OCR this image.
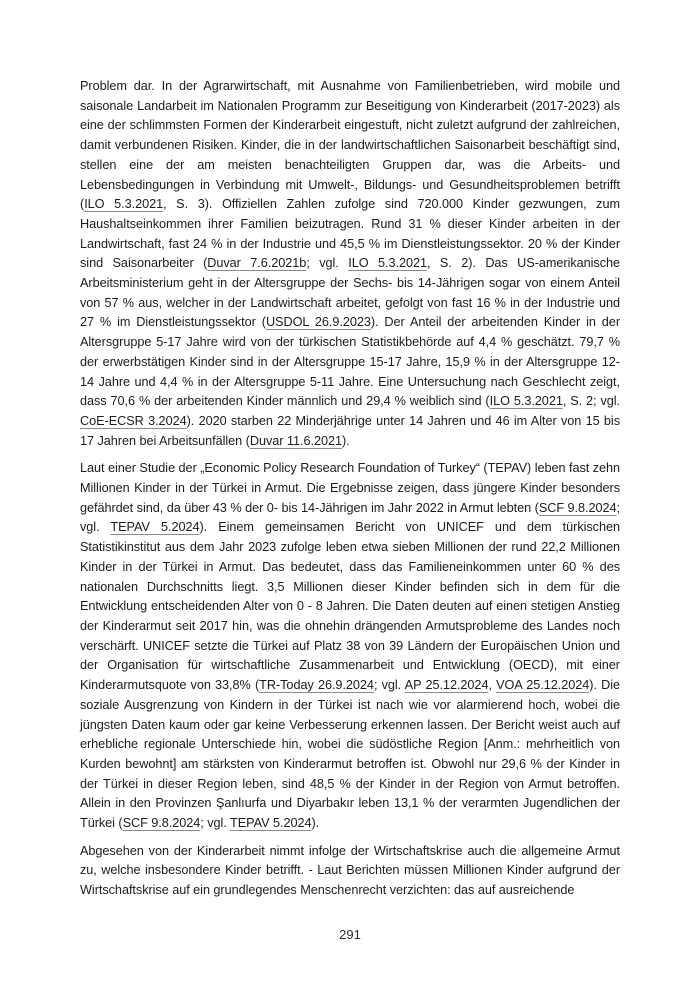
Problem dar. In der Agrarwirtschaft, mit Ausnahme von Familienbetrieben, wird mobile und saisonale Landarbeit im Nationalen Programm zur Beseitigung von Kinderarbeit (2017-2023) als eine der schlimmsten Formen der Kinderarbeit eingestuft, nicht zuletzt aufgrund der zahlreichen, damit verbundenen Risiken. Kinder, die in der landwirtschaftlichen Saisonarbeit beschäftigt sind, stellen eine der am meisten benachteiligten Gruppen dar, was die Arbeits- und Lebensbedingungen in Verbindung mit Umwelt-, Bildungs- und Gesundheitsproblemen betrifft (ILO 5.3.2021, S. 3). Offiziellen Zahlen zufolge sind 720.000 Kinder gezwungen, zum Haushaltseinkommen ihrer Familien beizutragen. Rund 31 % dieser Kinder arbeiten in der Landwirtschaft, fast 24 % in der Industrie und 45,5 % im Dienstleistungssektor. 20 % der Kinder sind Saisonarbeiter (Duvar 7.6.2021b; vgl. ILO 5.3.2021, S. 2). Das US-amerikanische Arbeitsministerium geht in der Altersgruppe der Sechs- bis 14-Jährigen sogar von einem Anteil von 57 % aus, welcher in der Landwirtschaft arbeitet, gefolgt von fast 16 % in der Industrie und 27 % im Dienstleistungssektor (USDOL 26.9.2023). Der Anteil der arbeitenden Kinder in der Altersgruppe 5-17 Jahre wird von der türkischen Statistikbehörde auf 4,4 % geschätzt. 79,7 % der erwerbstätigen Kinder sind in der Altersgruppe 15-17 Jahre, 15,9 % in der Altersgruppe 12-14 Jahre und 4,4 % in der Altersgruppe 5-11 Jahre. Eine Untersuchung nach Geschlecht zeigt, dass 70,6 % der arbeitenden Kinder männlich und 29,4 % weiblich sind (ILO 5.3.2021, S. 2; vgl. CoE-ECSR 3.2024). 2020 starben 22 Minderjährige unter 14 Jahren und 46 im Alter von 15 bis 17 Jahren bei Arbeitsunfällen (Duvar 11.6.2021).

Laut einer Studie der „Economic Policy Research Foundation of Turkey“ (TEPAV) leben fast zehn Millionen Kinder in der Türkei in Armut. Die Ergebnisse zeigen, dass jüngere Kinder besonders gefährdet sind, da über 43 % der 0- bis 14-Jährigen im Jahr 2022 in Armut lebten (SCF 9.8.2024; vgl. TEPAV 5.2024). Einem gemeinsamen Bericht von UNICEF und dem türkischen Statistikinstitut aus dem Jahr 2023 zufolge leben etwa sieben Millionen der rund 22,2 Millionen Kinder in der Türkei in Armut. Das bedeutet, dass das Familieneinkommen unter 60 % des nationalen Durchschnitts liegt. 3,5 Millionen dieser Kinder befinden sich in dem für die Entwicklung entscheidenden Alter von 0 - 8 Jahren. Die Daten deuten auf einen stetigen Anstieg der Kinderarmut seit 2017 hin, was die ohnehin drängenden Armutsprobleme des Landes noch verschärft. UNICEF setzte die Türkei auf Platz 38 von 39 Ländern der Europäischen Union und der Organisation für wirtschaftliche Zusammenarbeit und Entwicklung (OECD), mit einer Kinderarmutsquote von 33,8% (TR-Today 26.9.2024; vgl. AP 25.12.2024, VOA 25.12.2024). Die soziale Ausgrenzung von Kindern in der Türkei ist nach wie vor alarmierend hoch, wobei die jüngsten Daten kaum oder gar keine Verbesserung erkennen lassen. Der Bericht weist auch auf erhebliche regionale Unterschiede hin, wobei die südöstliche Region [Anm.: mehrheitlich von Kurden bewohnt] am stärksten von Kinderarmut betroffen ist. Obwohl nur 29,6 % der Kinder in der Türkei in dieser Region leben, sind 48,5 % der Kinder in der Region von Armut betroffen. Allein in den Provinzen Şanlıurfa und Diyarbakır leben 13,1 % der verarmten Jugendlichen der Türkei (SCF 9.8.2024; vgl. TEPAV 5.2024).

Abgesehen von der Kinderarbeit nimmt infolge der Wirtschaftskrise auch die allgemeine Armut zu, welche insbesondere Kinder betrifft. - Laut Berichten müssen Millionen Kinder aufgrund der Wirtschaftskrise auf ein grundlegendes Menschenrecht verzichten: das auf ausreichende

291
